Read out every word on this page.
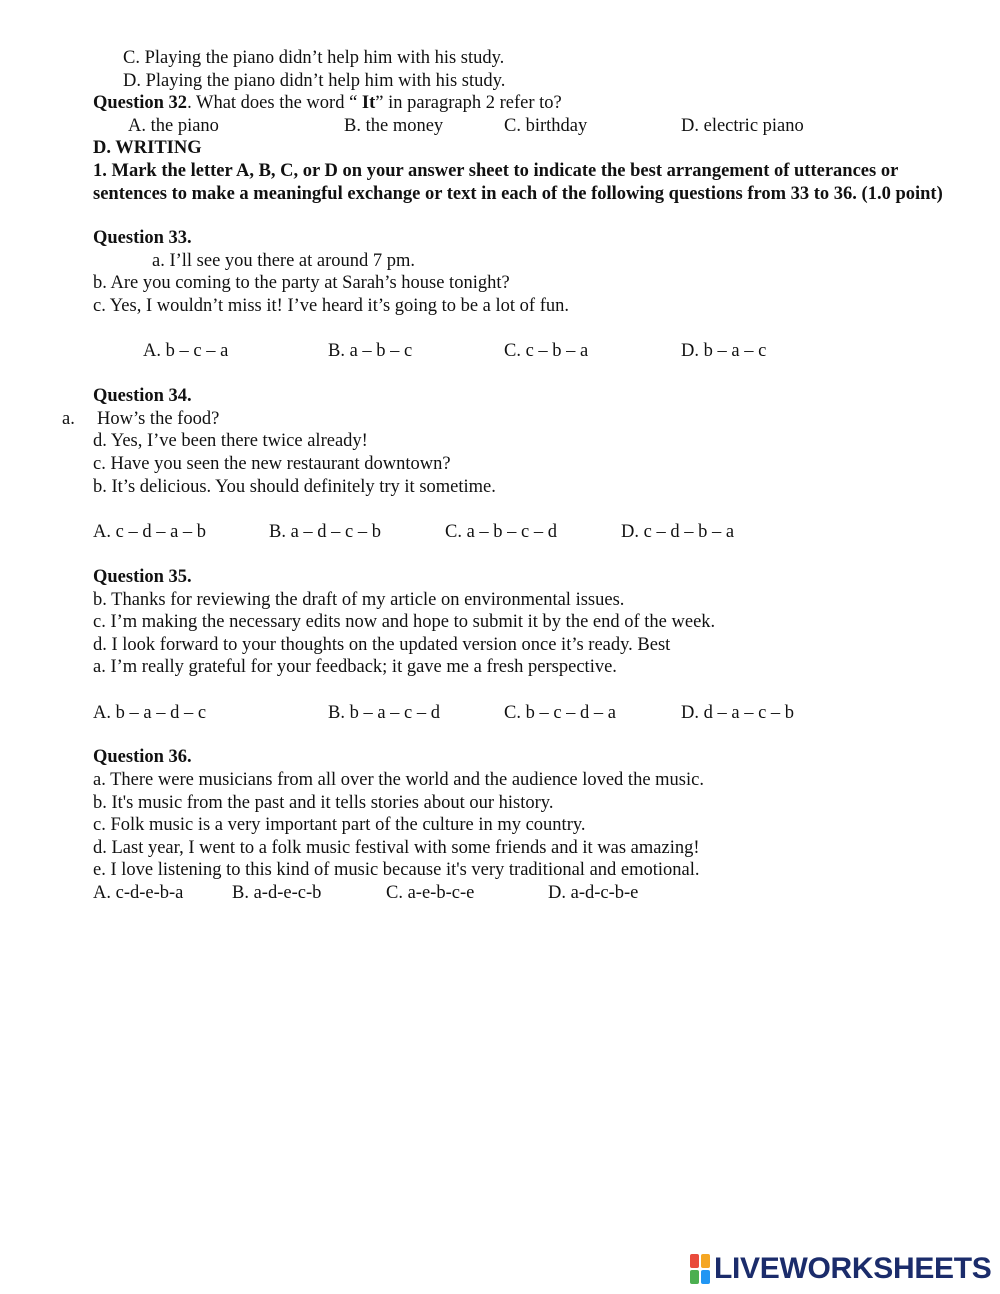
C. Playing the piano didn’t help him with his study.
D. Playing the piano didn’t help him with his study.
Question 32. What does the word “ It” in paragraph 2 refer to?
A. the piano	B. the money	C. birthday	D. electric piano
D. WRITING
1. Mark the letter A, B, C, or D on your answer sheet to indicate the best arrangement of utterances or sentences to make a meaningful exchange or text in each of the following questions from 33 to 36. (1.0 point)
Question 33.
a. I’ll see you there at around 7 pm.
b. Are you coming to the party at Sarah’s house tonight?
c. Yes, I wouldn’t miss it! I’ve heard it’s going to be a lot of fun.
A. b – c – a	B. a – b – c	C. c – b – a	D. b – a – c
Question 34.
a. How’s the food?
d. Yes, I’ve been there twice already!
c. Have you seen the new restaurant downtown?
b. It’s delicious. You should definitely try it sometime.
A. c – d – a – b	B. a – d – c – b	C. a – b – c – d	D. c – d – b – a
Question 35.
b. Thanks for reviewing the draft of my article on environmental issues.
c. I’m making the necessary edits now and hope to submit it by the end of the week.
d. I look forward to your thoughts on the updated version once it’s ready. Best
a. I’m really grateful for your feedback; it gave me a fresh perspective.
A. b – a – d – c	B. b – a – c – d	C. b – c – d – a	D. d – a – c – b
Question 36.
a. There were musicians from all over the world and the audience loved the music.
b. It's music from the past and it tells stories about our history.
c. Folk music is a very important part of the culture in my country.
d. Last year, I went to a folk music festival with some friends and it was amazing!
e. I love listening to this kind of music because it's very traditional and emotional.
A. c-d-e-b-a	B. a-d-e-c-b	C. a-e-b-c-e	D. a-d-c-b-e
LIVEWORKSHEETS
